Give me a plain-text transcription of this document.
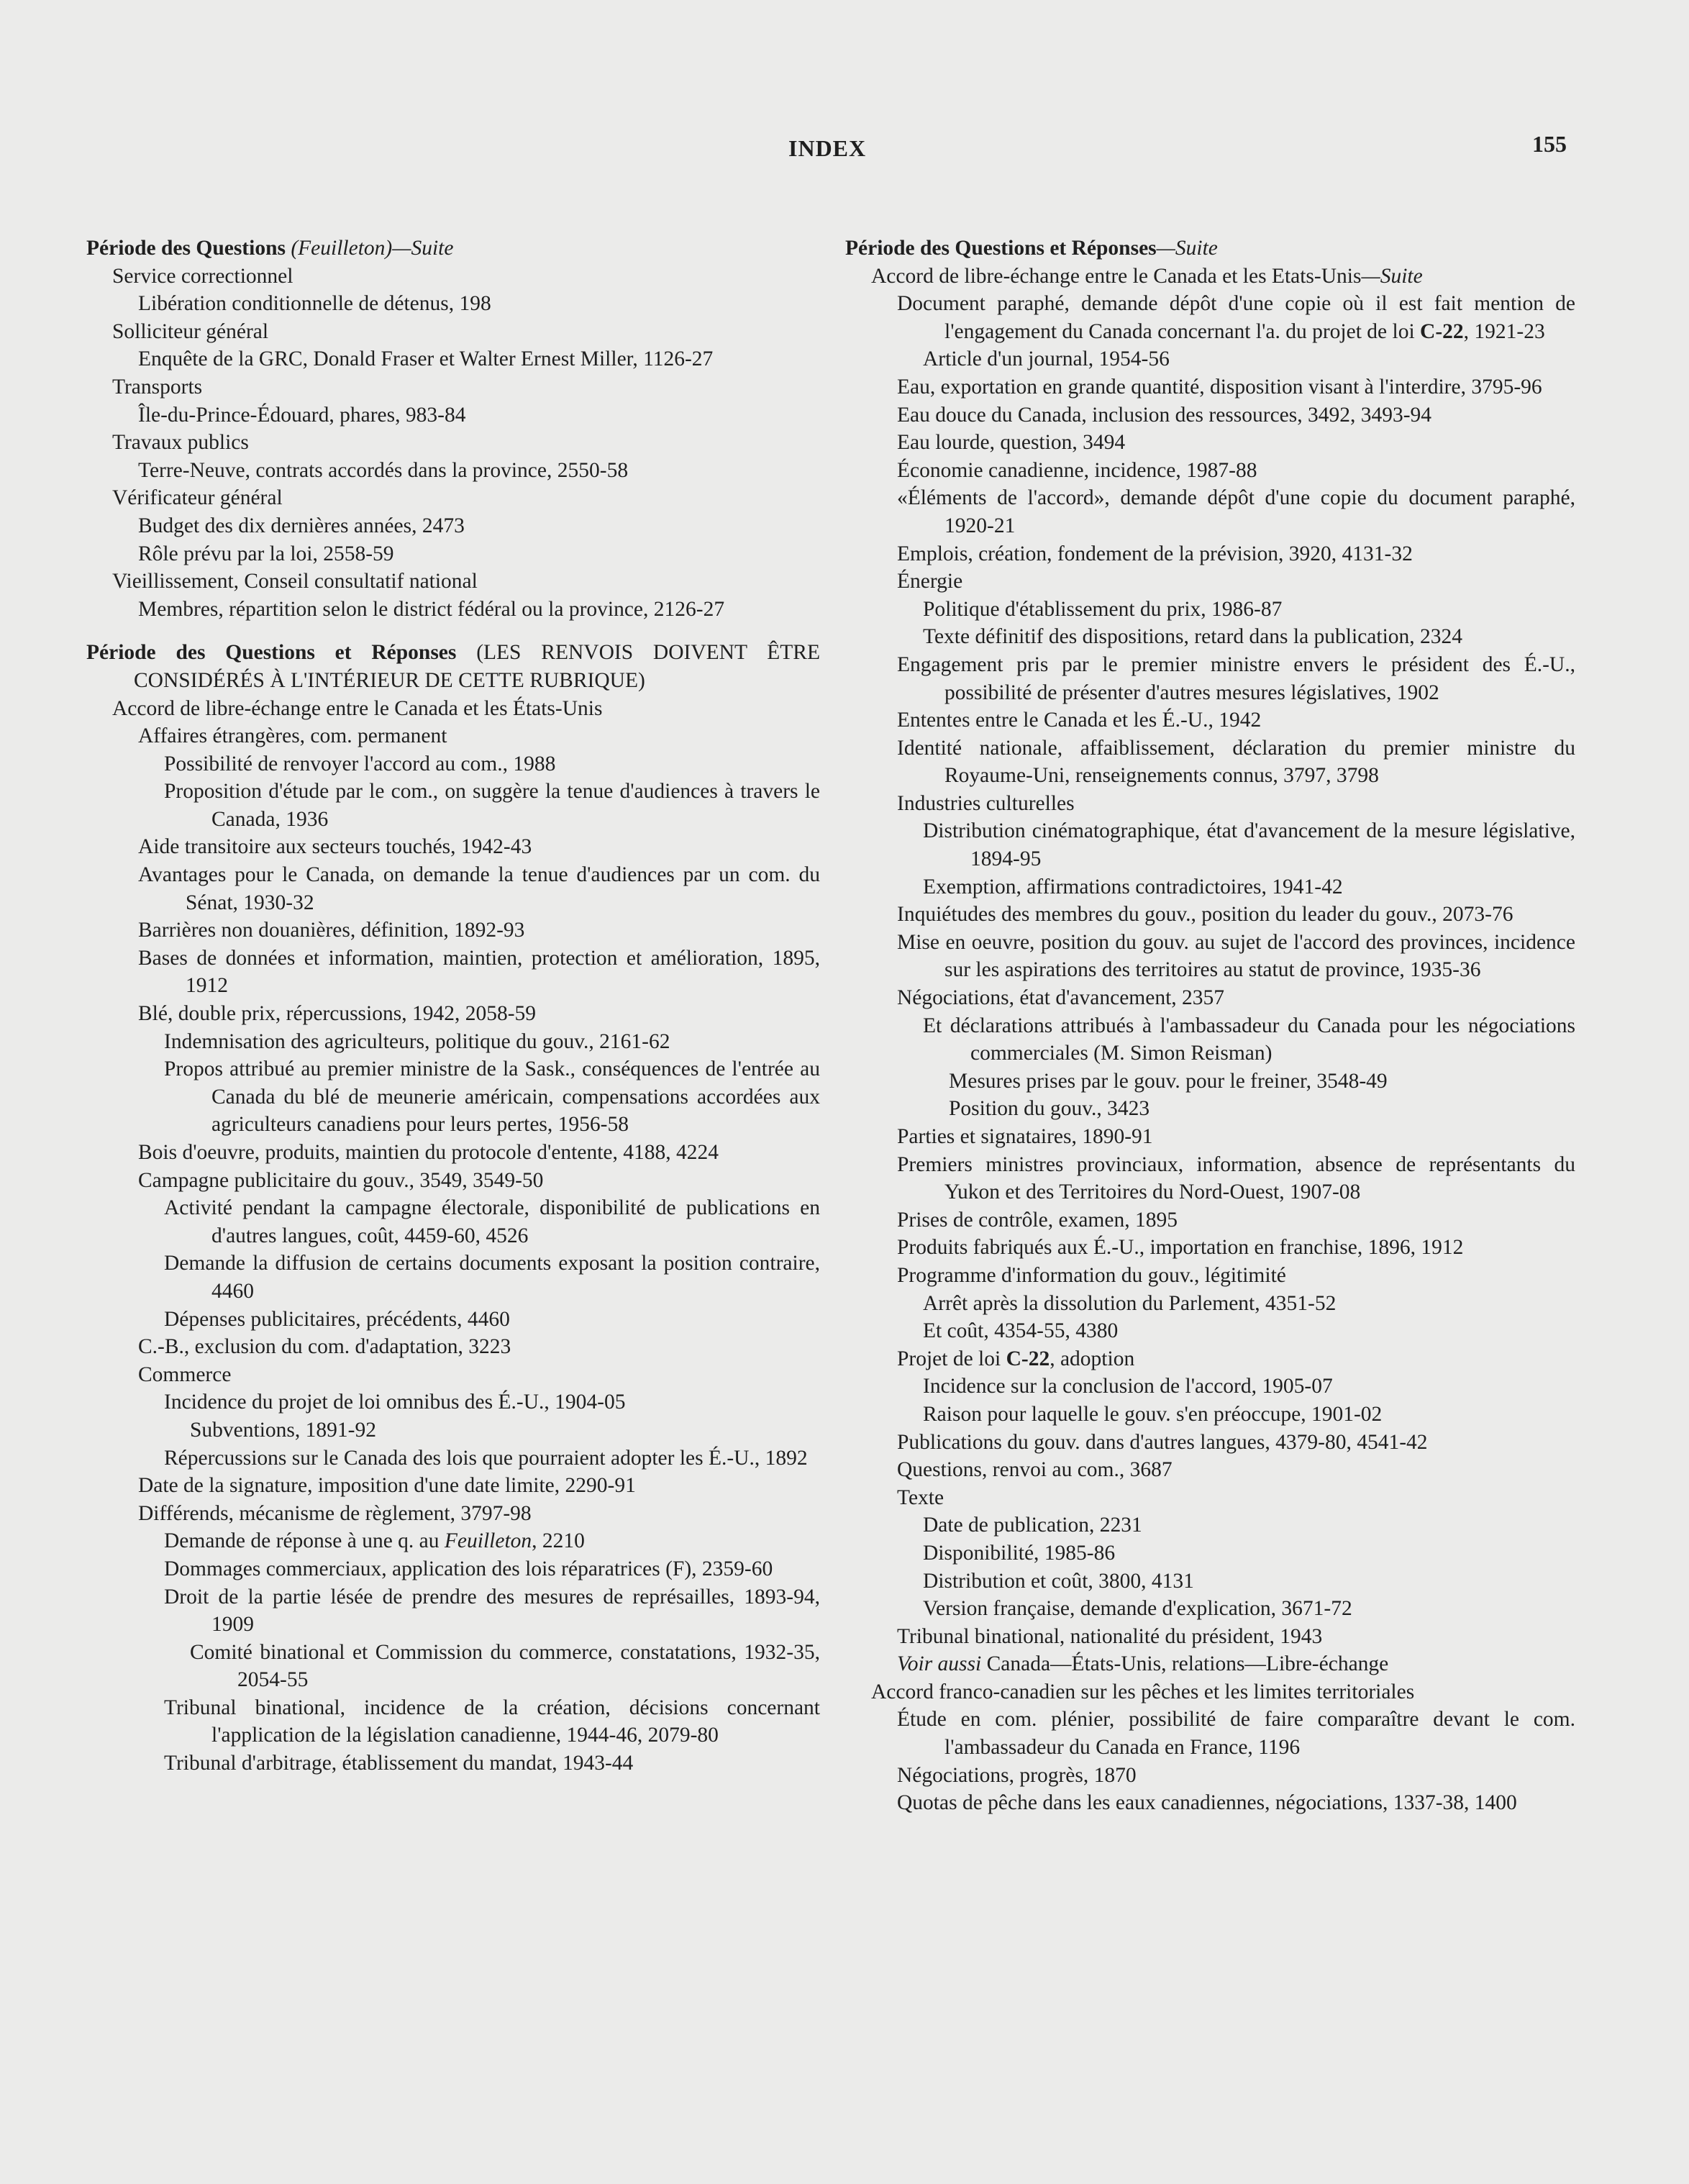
INDEX	155
Période des Questions (Feuilleton)—Suite
Service correctionnel
Libération conditionnelle de détenus, 198
Solliciteur général
Enquête de la GRC, Donald Fraser et Walter Ernest Miller, 1126-27
Transports
Île-du-Prince-Édouard, phares, 983-84
Travaux publics
Terre-Neuve, contrats accordés dans la province, 2550-58
Vérificateur général
Budget des dix dernières années, 2473
Rôle prévu par la loi, 2558-59
Vieillissement, Conseil consultatif national
Membres, répartition selon le district fédéral ou la province, 2126-27
Période des Questions et Réponses (LES RENVOIS DOIVENT ÊTRE CONSIDÉRÉS À L'INTÉRIEUR DE CETTE RUBRIQUE)
Accord de libre-échange entre le Canada et les États-Unis
Affaires étrangères, com. permanent
Possibilité de renvoyer l'accord au com., 1988
Proposition d'étude par le com., on suggère la tenue d'audiences à travers le Canada, 1936
Aide transitoire aux secteurs touchés, 1942-43
Avantages pour le Canada, on demande la tenue d'audiences par un com. du Sénat, 1930-32
Barrières non douanières, définition, 1892-93
Bases de données et information, maintien, protection et amélioration, 1895, 1912
Blé, double prix, répercussions, 1942, 2058-59
Indemnisation des agriculteurs, politique du gouv., 2161-62
Propos attribué au premier ministre de la Sask., conséquences de l'entrée au Canada du blé de meunerie américain, compensations accordées aux agriculteurs canadiens pour leurs pertes, 1956-58
Bois d'oeuvre, produits, maintien du protocole d'entente, 4188, 4224
Campagne publicitaire du gouv., 3549, 3549-50
Activité pendant la campagne électorale, disponibilité de publications en d'autres langues, coût, 4459-60, 4526
Demande la diffusion de certains documents exposant la position contraire, 4460
Dépenses publicitaires, précédents, 4460
C.-B., exclusion du com. d'adaptation, 3223
Commerce
Incidence du projet de loi omnibus des É.-U., 1904-05
Subventions, 1891-92
Répercussions sur le Canada des lois que pourraient adopter les É.-U., 1892
Date de la signature, imposition d'une date limite, 2290-91
Différends, mécanisme de règlement, 3797-98
Demande de réponse à une q. au Feuilleton, 2210
Dommages commerciaux, application des lois réparatrices (F), 2359-60
Droit de la partie lésée de prendre des mesures de représailles, 1893-94, 1909
Comité binational et Commission du commerce, constatations, 1932-35, 2054-55
Tribunal binational, incidence de la création, décisions concernant l'application de la législation canadienne, 1944-46, 2079-80
Tribunal d'arbitrage, établissement du mandat, 1943-44
Période des Questions et Réponses—Suite
Accord de libre-échange entre le Canada et les Etats-Unis—Suite
Document paraphé, demande dépôt d'une copie où il est fait mention de l'engagement du Canada concernant l'a. du projet de loi C-22, 1921-23
Article d'un journal, 1954-56
Eau, exportation en grande quantité, disposition visant à l'interdire, 3795-96
Eau douce du Canada, inclusion des ressources, 3492, 3493-94
Eau lourde, question, 3494
Économie canadienne, incidence, 1987-88
«Éléments de l'accord», demande dépôt d'une copie du document paraphé, 1920-21
Emplois, création, fondement de la prévision, 3920, 4131-32
Énergie
Politique d'établissement du prix, 1986-87
Texte définitif des dispositions, retard dans la publication, 2324
Engagement pris par le premier ministre envers le président des É.-U., possibilité de présenter d'autres mesures législatives, 1902
Ententes entre le Canada et les É.-U., 1942
Identité nationale, affaiblissement, déclaration du premier ministre du Royaume-Uni, renseignements connus, 3797, 3798
Industries culturelles
Distribution cinématographique, état d'avancement de la mesure législative, 1894-95
Exemption, affirmations contradictoires, 1941-42
Inquiétudes des membres du gouv., position du leader du gouv., 2073-76
Mise en oeuvre, position du gouv. au sujet de l'accord des provinces, incidence sur les aspirations des territoires au statut de province, 1935-36
Négociations, état d'avancement, 2357
Et déclarations attribués à l'ambassadeur du Canada pour les négociations commerciales (M. Simon Reisman)
Mesures prises par le gouv. pour le freiner, 3548-49
Position du gouv., 3423
Parties et signataires, 1890-91
Premiers ministres provinciaux, information, absence de représentants du Yukon et des Territoires du Nord-Ouest, 1907-08
Prises de contrôle, examen, 1895
Produits fabriqués aux É.-U., importation en franchise, 1896, 1912
Programme d'information du gouv., légitimité
Arrêt après la dissolution du Parlement, 4351-52
Et coût, 4354-55, 4380
Projet de loi C-22, adoption
Incidence sur la conclusion de l'accord, 1905-07
Raison pour laquelle le gouv. s'en préoccupe, 1901-02
Publications du gouv. dans d'autres langues, 4379-80, 4541-42
Questions, renvoi au com., 3687
Texte
Date de publication, 2231
Disponibilité, 1985-86
Distribution et coût, 3800, 4131
Version française, demande d'explication, 3671-72
Tribunal binational, nationalité du président, 1943
Voir aussi Canada—États-Unis, relations—Libre-échange
Accord franco-canadien sur les pêches et les limites territoriales
Étude en com. plénier, possibilité de faire comparaître devant le com. l'ambassadeur du Canada en France, 1196
Négociations, progrès, 1870
Quotas de pêche dans les eaux canadiennes, négociations, 1337-38, 1400
